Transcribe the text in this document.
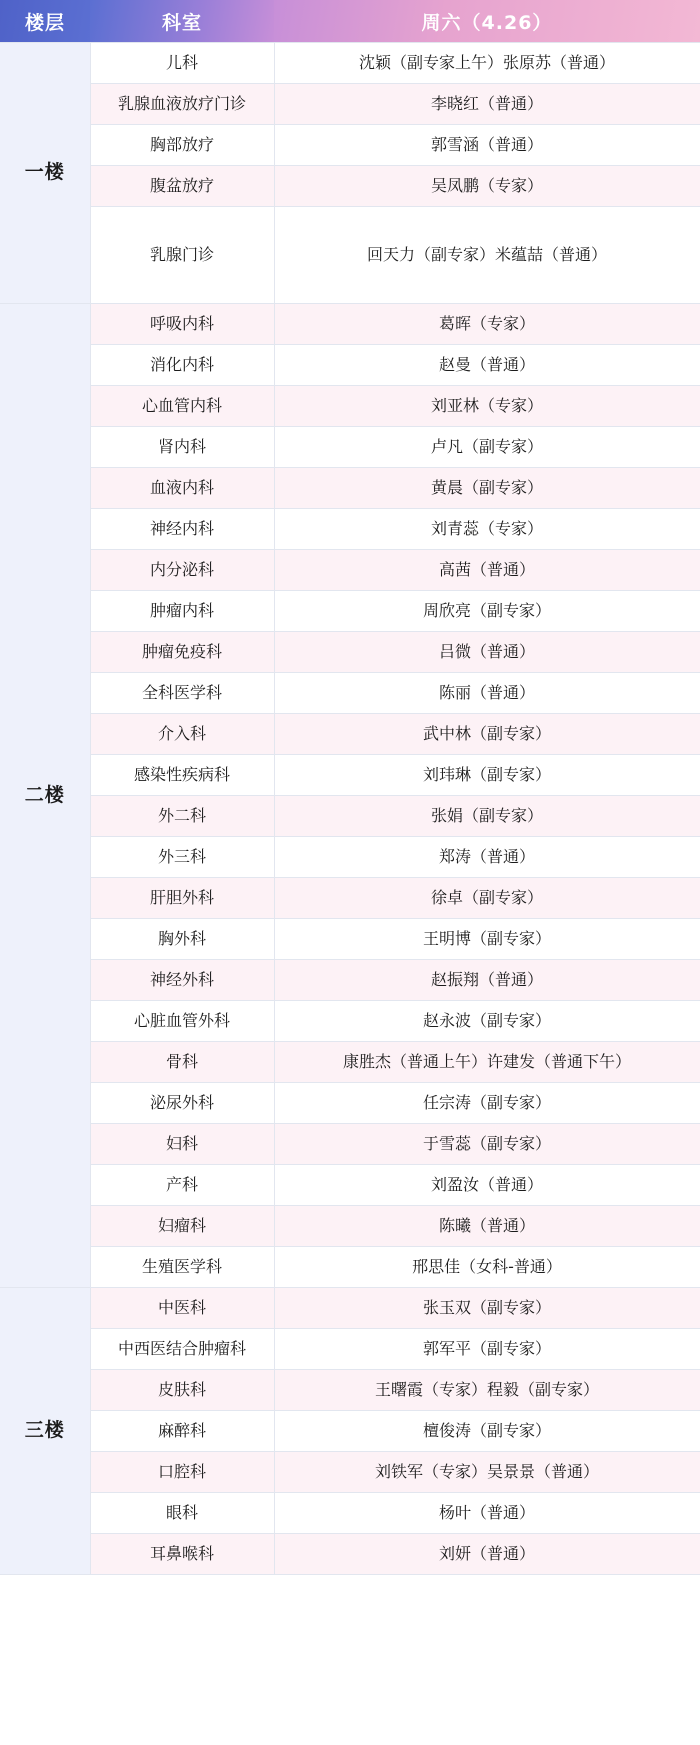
楼层	科室	周六（4.26）
一楼	儿科	沈颖（副专家上午）张原苏（普通）
	乳腺血液放疗门诊	李晓红（普通）
	胸部放疗	郭雪涵（普通）
	腹盆放疗	吴凤鹏（专家）
	乳腺门诊	回天力（副专家）米蕴喆（普通）
二楼	呼吸内科	葛晖（专家）
	消化内科	赵曼（普通）
	心血管内科	刘亚林（专家）
	肾内科	卢凡（副专家）
	血液内科	黄晨（副专家）
	神经内科	刘青蕊（专家）
	内分泌科	高茜（普通）
	肿瘤内科	周欣亮（副专家）
	肿瘤免疫科	吕微（普通）
	全科医学科	陈丽（普通）
	介入科	武中林（副专家）
	感染性疾病科	刘玮琳（副专家）
	外二科	张娟（副专家）
	外三科	郑涛（普通）
	肝胆外科	徐卓（副专家）
	胸外科	王明博（副专家）
	神经外科	赵振翔（普通）
	心脏血管外科	赵永波（副专家）
	骨科	康胜杰（普通上午）许建发（普通下午）
	泌尿外科	任宗涛（副专家）
	妇科	于雪蕊（副专家）
	产科	刘盈汝（普通）
	妇瘤科	陈曦（普通）
	生殖医学科	邢思佳（女科-普通）
三楼	中医科	张玉双（副专家）
	中西医结合肿瘤科	郭军平（副专家）
	皮肤科	王曙霞（专家）程毅（副专家）
	麻醉科	檀俊涛（副专家）
	口腔科	刘铁军（专家）吴景景（普通）
	眼科	杨叶（普通）
	耳鼻喉科	刘妍（普通）
